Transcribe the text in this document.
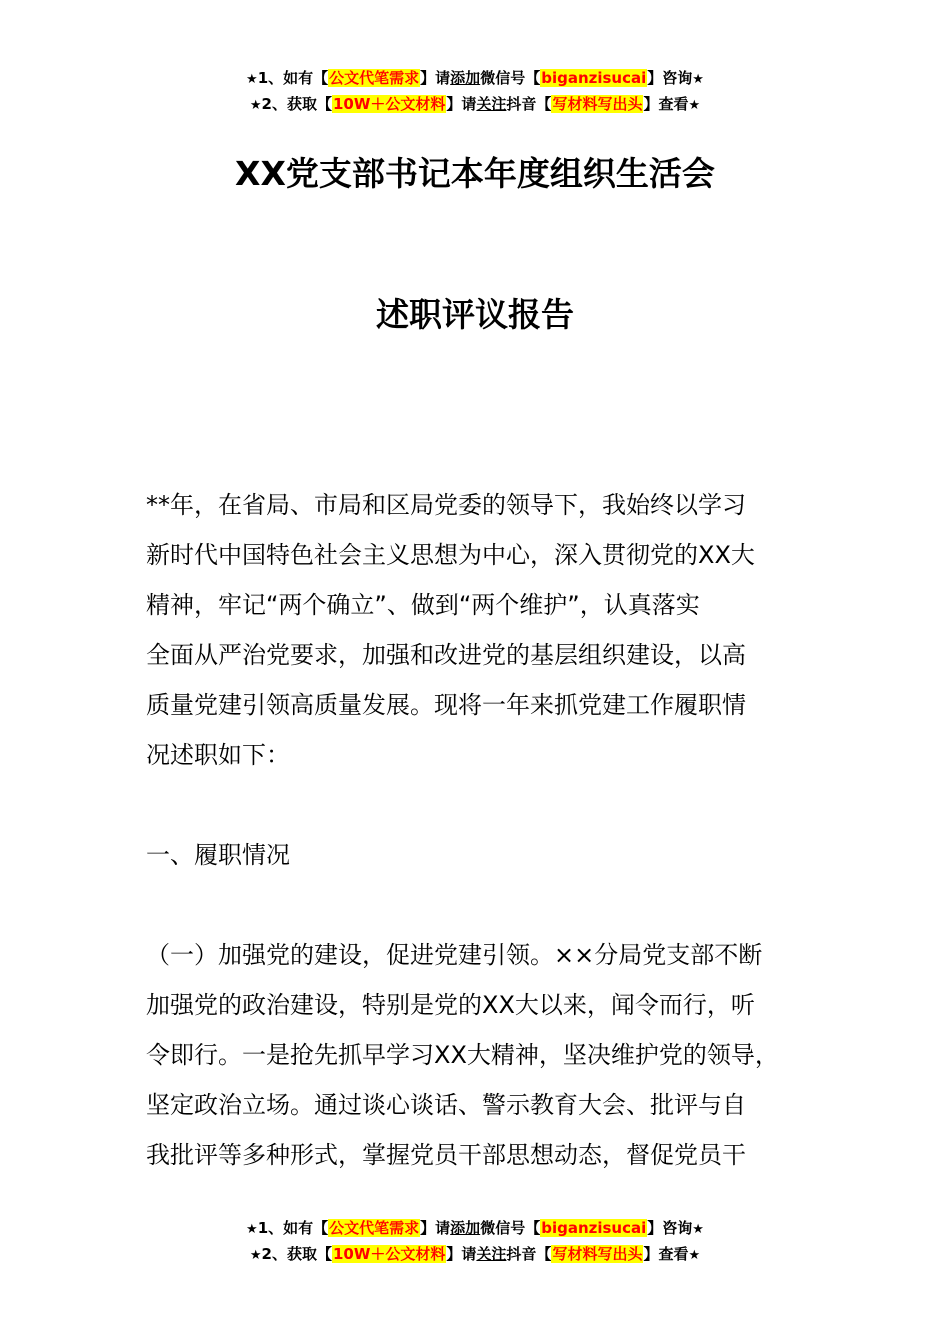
★1、如有【公文代笔需求】请添加微信号【biganzisucai】咨询★
★2、获取【10W＋公文材料】请关注抖音【写材料写出头】查看★
XX党支部书记本年度组织生活会
述职评议报告
**年，在省局、市局和区局党委的领导下，我始终以学习
新时代中国特色社会主义思想为中心，深入贯彻党的XX大
精神，牢记“两个确立”、做到“两个维护”，认真落实
全面从严治党要求，加强和改进党的基层组织建设，以高
质量党建引领高质量发展。现将一年来抓党建工作履职情
况述职如下：
一、履职情况
（一）加强党的建设，促进党建引领。××分局党支部不断
加强党的政治建设，特别是党的XX大以来，闻令而行，听
令即行。一是抢先抓早学习XX大精神，坚决维护党的领导，
坚定政治立场。通过谈心谈话、警示教育大会、批评与自
我批评等多种形式，掌握党员干部思想动态，督促党员干
★1、如有【公文代笔需求】请添加微信号【biganzisucai】咨询★
★2、获取【10W＋公文材料】请关注抖音【写材料写出头】查看★
